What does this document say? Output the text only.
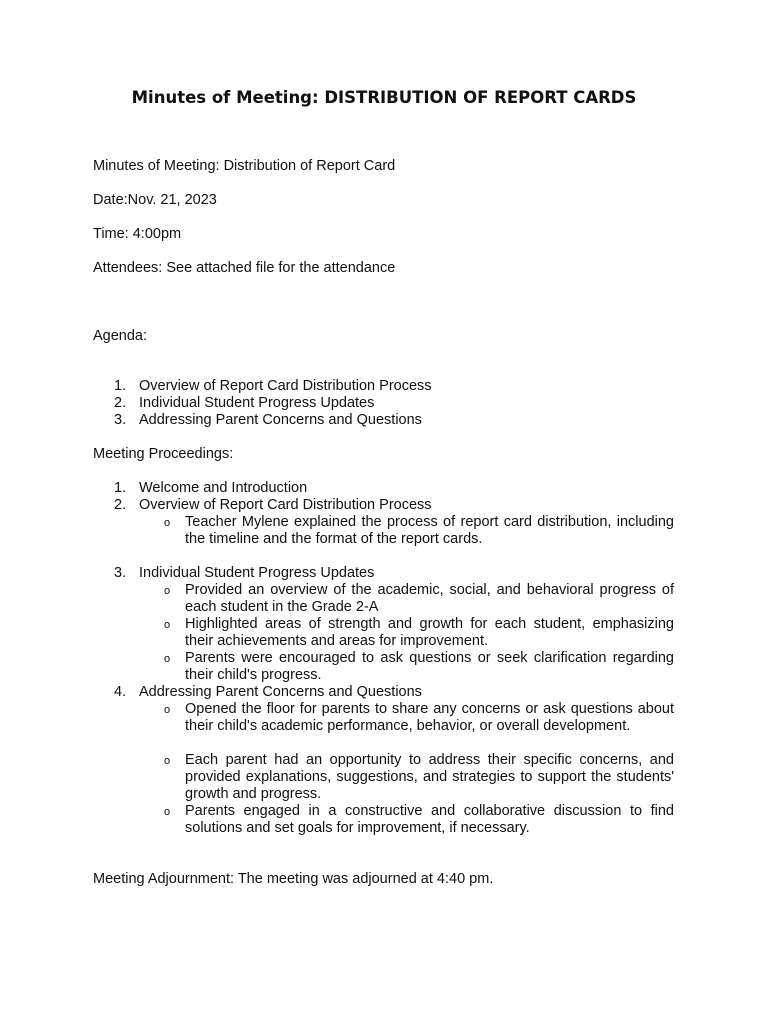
Minutes of Meeting: DISTRIBUTION OF REPORT CARDS
Minutes of Meeting: Distribution of Report Card
Date:Nov. 21, 2023
Time: 4:00pm
Attendees: See attached file for the attendance
Agenda:
1. Overview of Report Card Distribution Process
2. Individual Student Progress Updates
3. Addressing Parent Concerns and Questions
Meeting Proceedings:
1. Welcome and Introduction
2. Overview of Report Card Distribution Process
o Teacher Mylene explained the process of report card distribution, including the timeline and the format of the report cards.
3. Individual Student Progress Updates
o Provided an overview of the academic, social, and behavioral progress of each student in the Grade 2-A
o Highlighted areas of strength and growth for each student, emphasizing their achievements and areas for improvement.
o Parents were encouraged to ask questions or seek clarification regarding their child's progress.
4. Addressing Parent Concerns and Questions
o Opened the floor for parents to share any concerns or ask questions about their child's academic performance, behavior, or overall development.
o Each parent had an opportunity to address their specific concerns, and provided explanations, suggestions, and strategies to support the students' growth and progress.
o Parents engaged in a constructive and collaborative discussion to find solutions and set goals for improvement, if necessary.
Meeting Adjournment: The meeting was adjourned at 4:40 pm.
